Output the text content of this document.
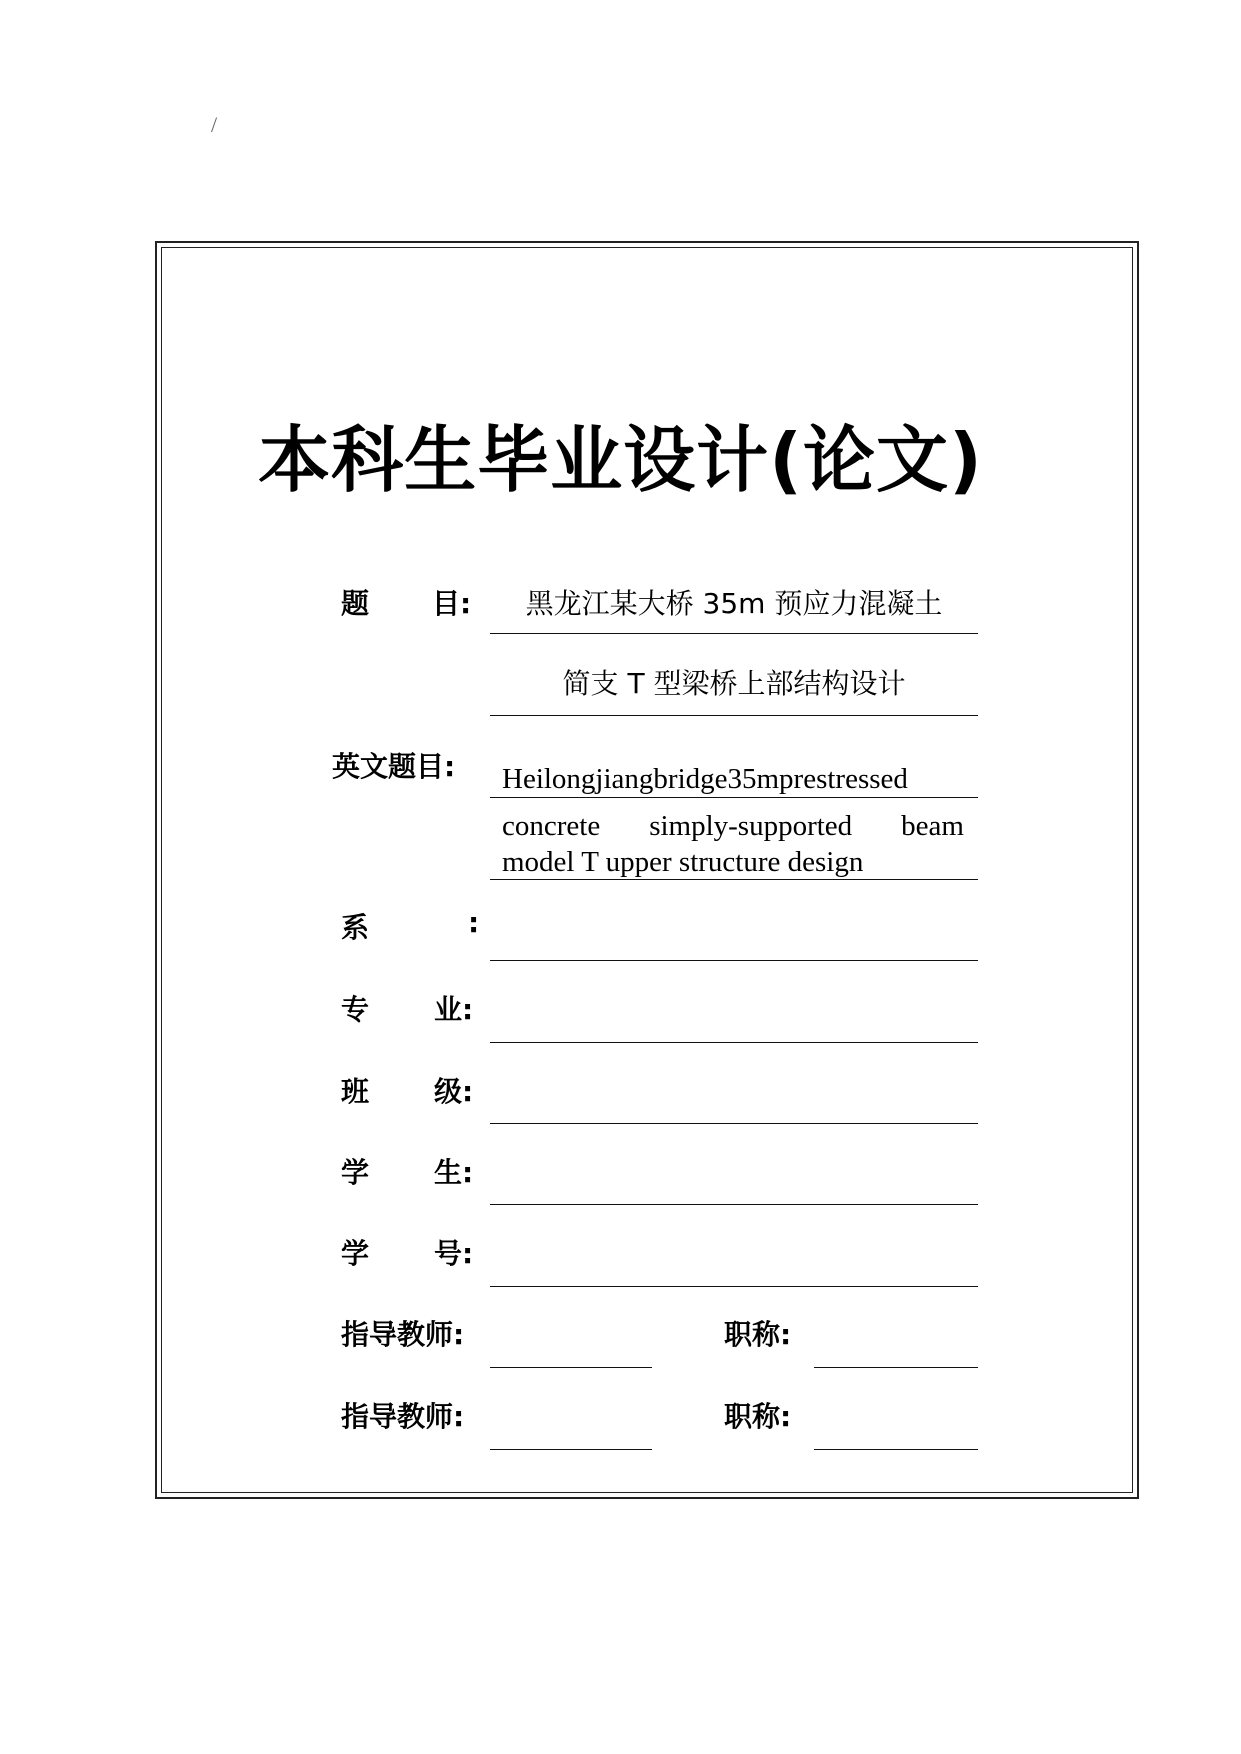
/
本科生毕业设计(论文)
题 目:	黑龙江某大桥 35m 预应力混凝土
简支 T 型梁桥上部结构设计
英文题目: Heilongjiangbridge35mprestressed
concrete simply-supported beam
model T upper structure design
系	:
专 业:
班 级:
学 生:
学 号:
指导教师:	职称:
指导教师:	职称:
